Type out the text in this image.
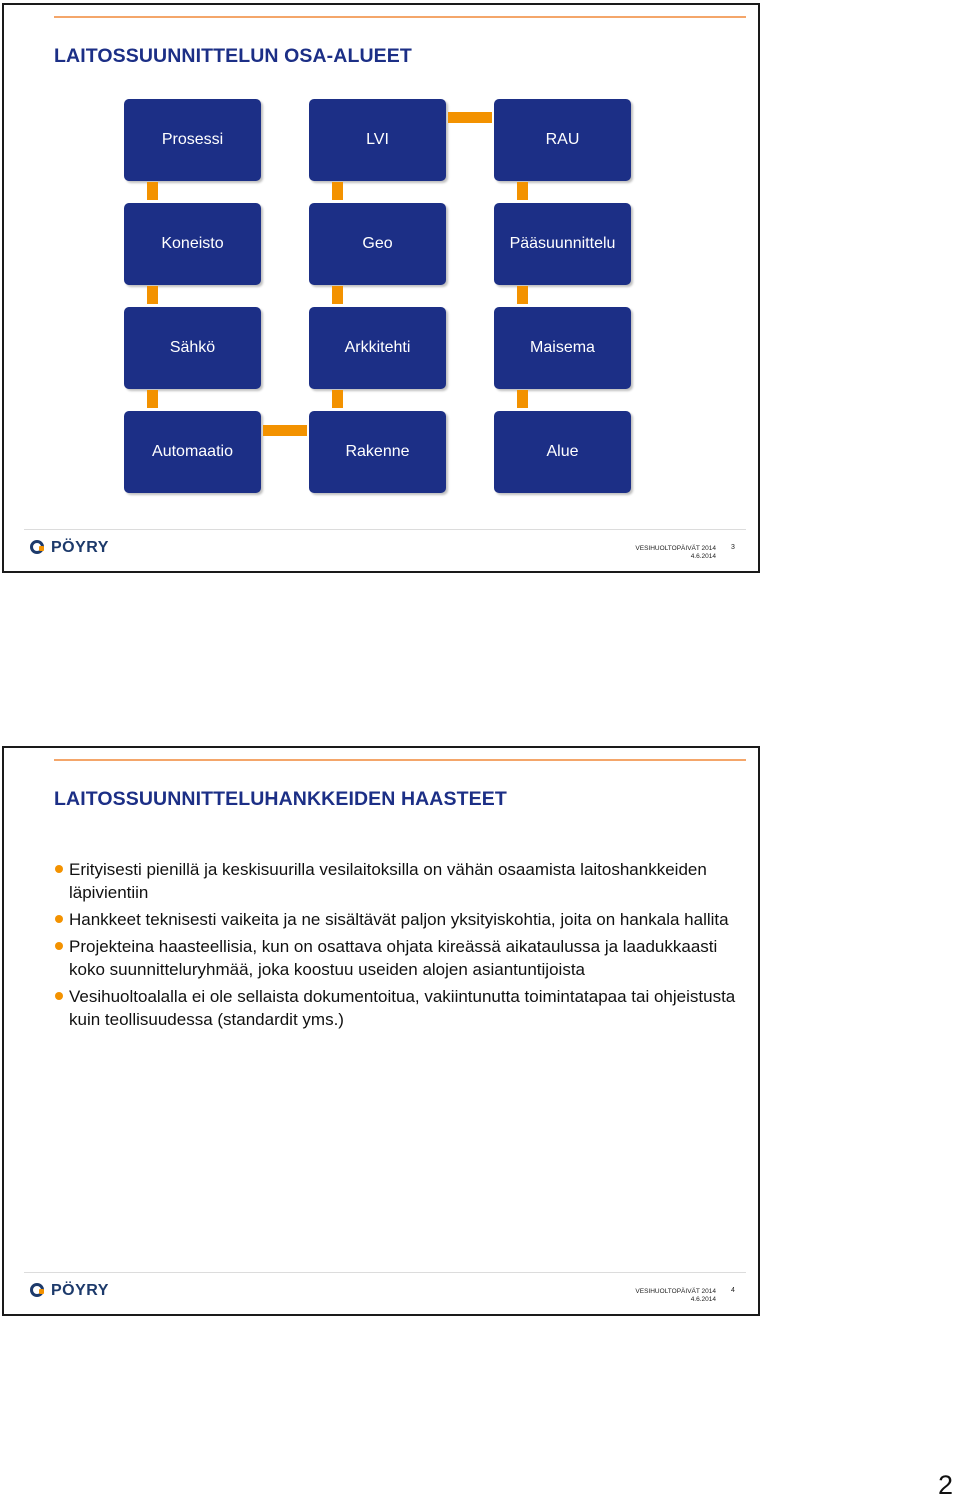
LAITOSSUUNNITTELUN OSA-ALUEET
Prosessi	LVI	RAU
Koneisto	Geo	Pääsuunnittelu
Sähkö	Arkkitehti	Maisema
Automaatio	Rakenne	Alue
PÖYRY	VESIHUOLTOPÄIVÄT 2014
4.6.2014
3
LAITOSSUUNNITTELUHANKKEIDEN HAASTEET
Erityisesti pienillä ja keskisuurilla vesilaitoksilla on vähän osaamista laitoshankkeiden läpivientiin
Hankkeet teknisesti vaikeita ja ne sisältävät paljon yksityiskohtia, joita on hankala hallita
Projekteina haasteellisia, kun on osattava ohjata kireässä aikataulussa ja laadukkaasti koko suunnitteluryhmää, joka koostuu useiden alojen asiantuntijoista
Vesihuoltoalalla ei ole sellaista dokumentoitua, vakiintunutta toimintatapaa tai ohjeistusta kuin teollisuudessa (standardit yms.)
PÖYRY	VESIHUOLTOPÄIVÄT 2014
4.6.2014
4
2
